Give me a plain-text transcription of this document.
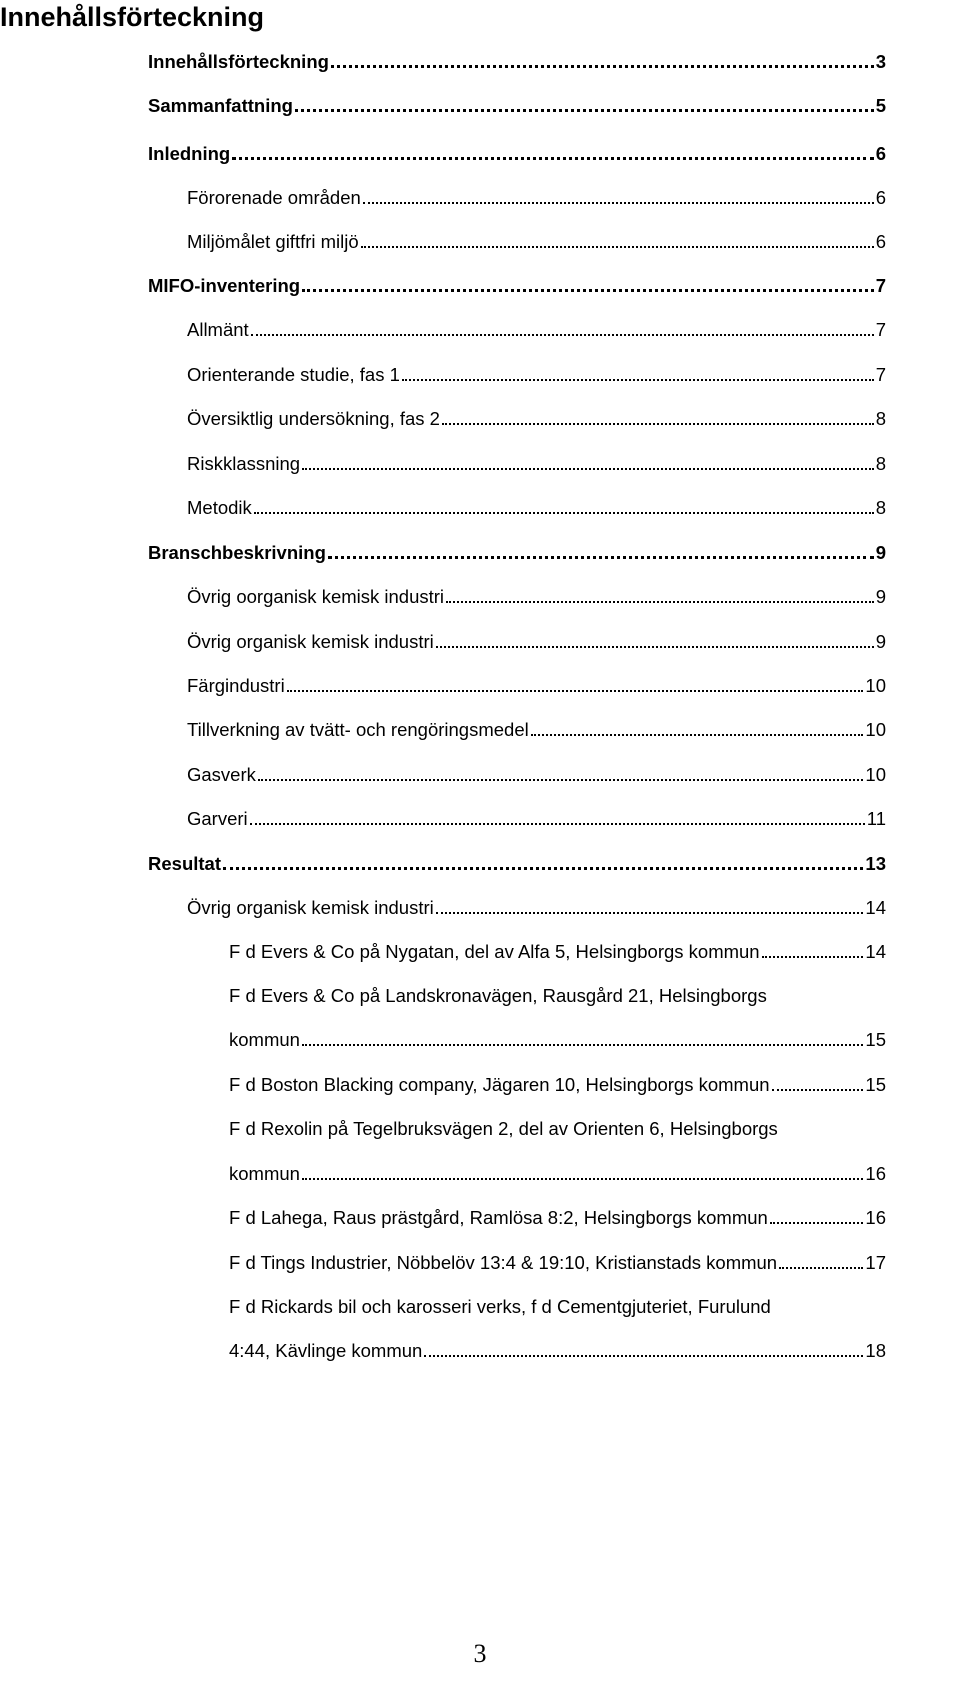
Innehållsförteckning
Innehållsförteckning	3
Sammanfattning	5
Inledning	6
Förorenade områden	6
Miljömålet giftfri miljö	6
MIFO-inventering	7
Allmänt	7
Orienterande studie, fas 1	7
Översiktlig undersökning, fas 2	8
Riskklassning	8
Metodik	8
Branschbeskrivning	9
Övrig oorganisk kemisk industri	9
Övrig organisk kemisk industri	9
Färgindustri	10
Tillverkning av tvätt- och rengöringsmedel	10
Gasverk	10
Garveri	11
Resultat	13
Övrig organisk kemisk industri	14
F d Evers & Co på Nygatan, del av Alfa 5, Helsingborgs kommun	14
F d Evers & Co på Landskronavägen, Rausgård 21, Helsingborgs
kommun	15
F d Boston Blacking company, Jägaren 10, Helsingborgs kommun	15
F d Rexolin på Tegelbruksvägen 2, del av Orienten 6, Helsingborgs
kommun	16
F d Lahega, Raus prästgård, Ramlösa 8:2, Helsingborgs kommun	16
F d Tings Industrier, Nöbbelöv 13:4 & 19:10, Kristianstads kommun	17
F d Rickards bil och karosseri verks, f d Cementgjuteriet, Furulund
4:44, Kävlinge kommun	18
3
